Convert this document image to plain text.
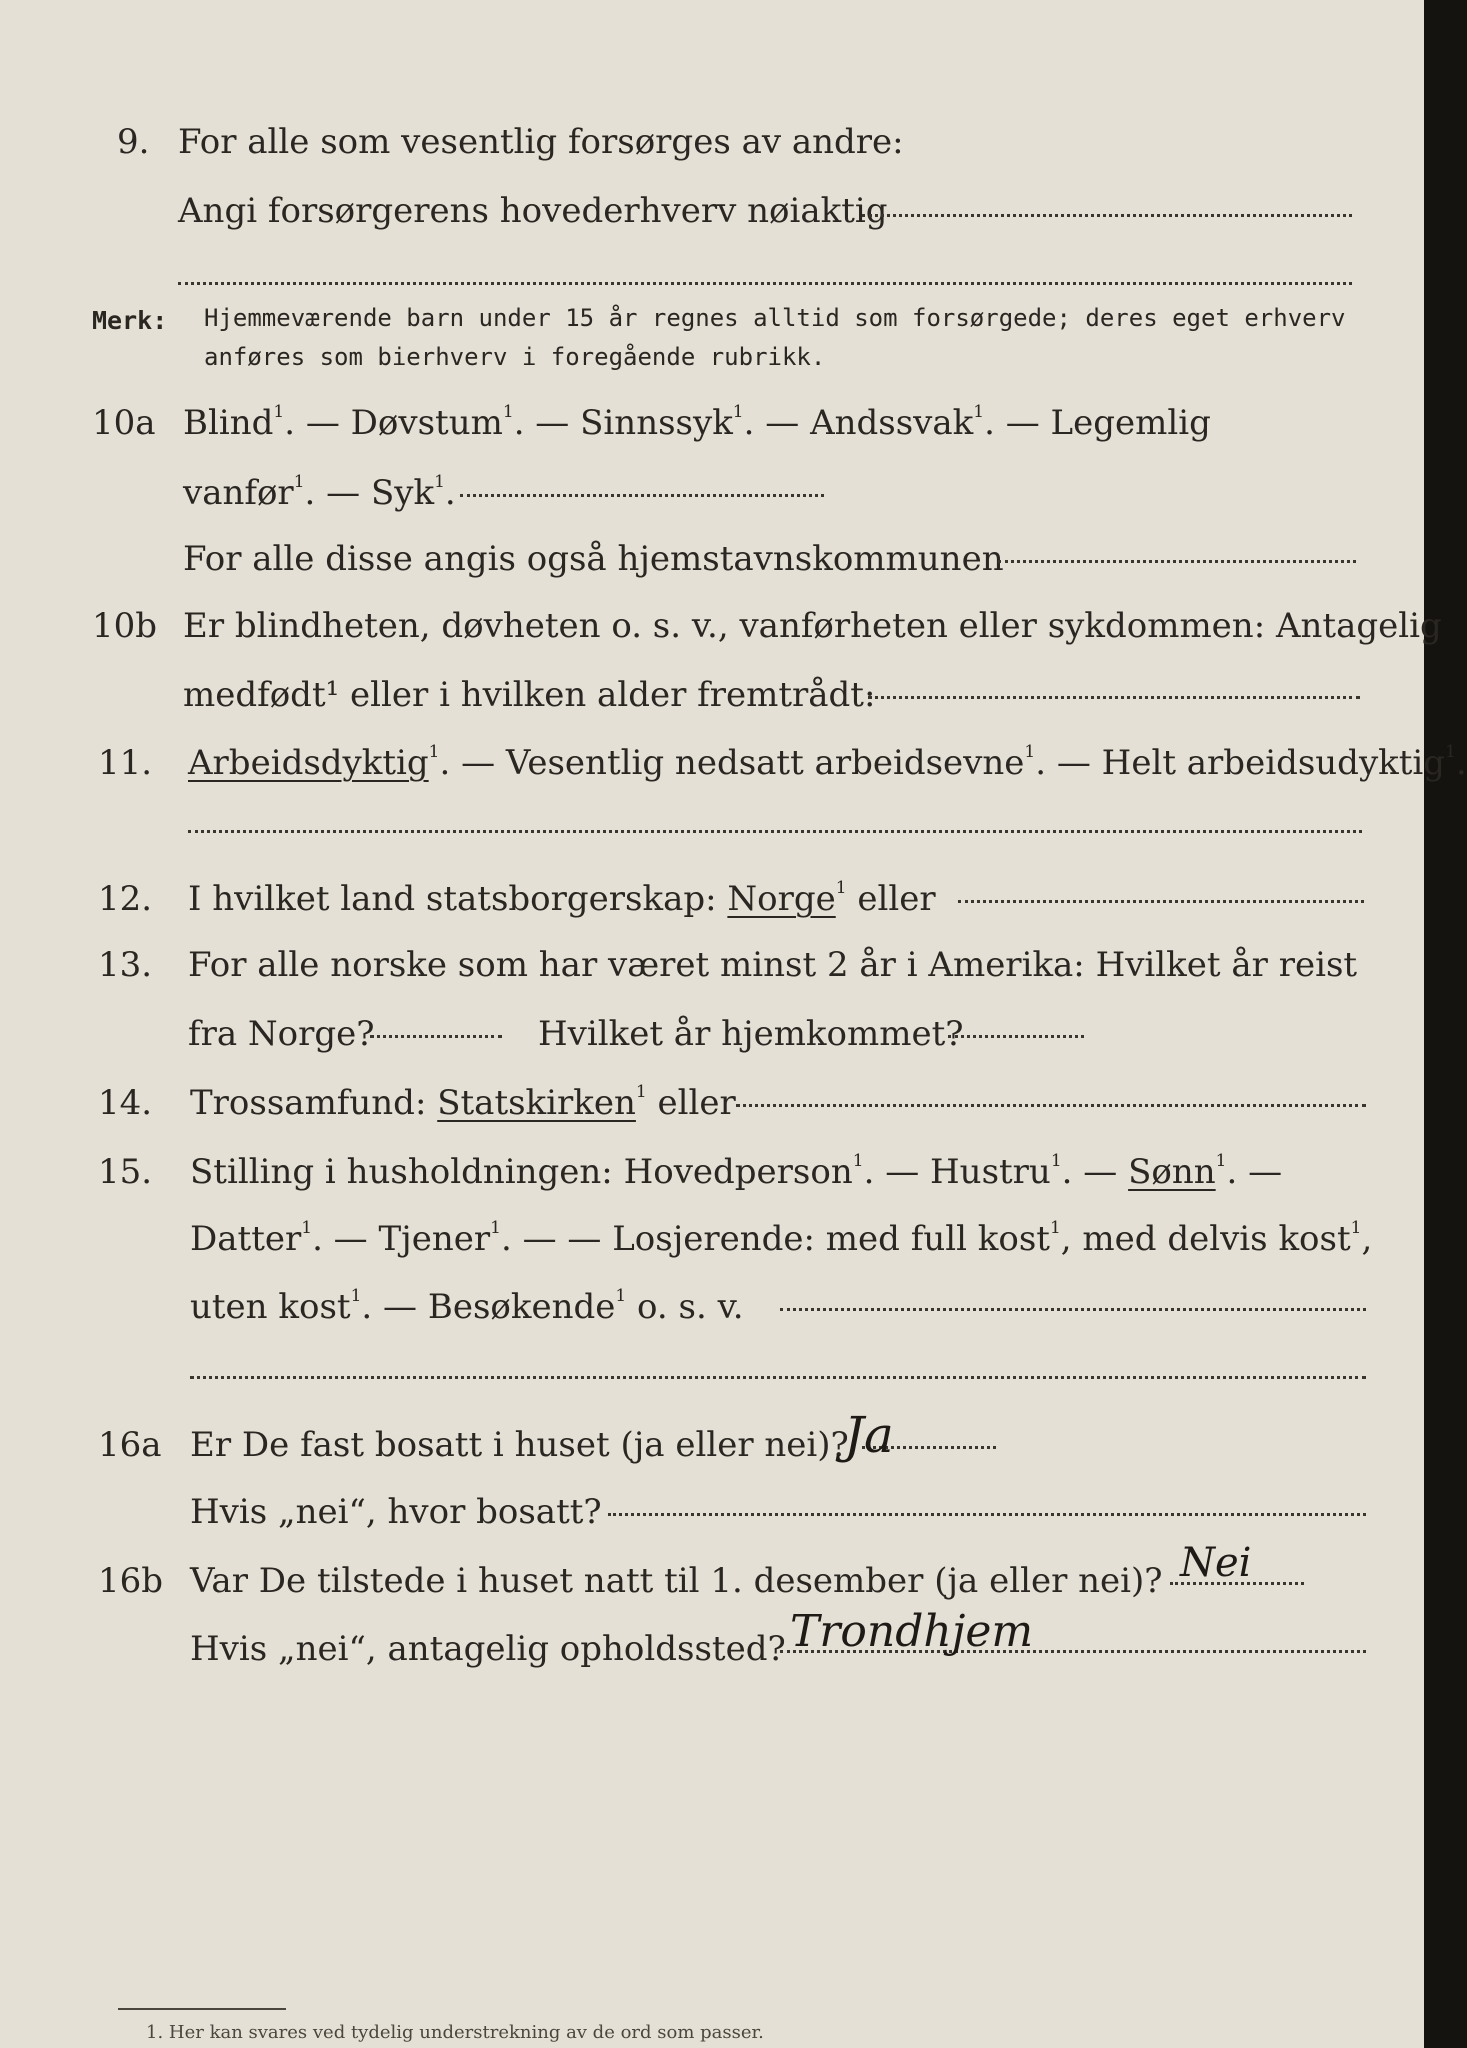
9. For alle som vesentlig forsørges av andre:
Angi forsørgerens hovederhverv nøiaktig
Merk: Hjemmeværende barn under 15 år regnes alltid som forsørgede; deres eget erhverv
anføres som bierhverv i foregående rubrikk.
10a Blind$^1$. — Døvstum$^1$. — Sinnssyk$^1$. — Andssvak$^1$. — Legemlig
vanfør$^1$. — Syk$^1$.
For alle disse angis også hjemstavnskommunen
10b Er blindheten, døvheten o. s. v., vanførheten eller sykdommen: Antagelig
medfødt¹ eller i hvilken alder fremtrådt:
11. Arbeidsdyktig$^1$. — Vesentlig nedsatt arbeidsevne$^1$. — Helt arbeidsudyktig$^1$.
12. I hvilket land statsborgerskap: Norge$^1$ eller
13. For alle norske som har været minst 2 år i Amerika: Hvilket år reist
fra Norge?	Hvilket år hjemkommet?
14. Trossamfund: Statskirken$^1$ eller
15. Stilling i husholdningen: Hovedperson$^1$. — Hustru$^1$. — Sønn$^1$. —
Datter$^1$. — Tjener$^1$. — — Losjerende: med full kost$^1$, med delvis kost$^1$,
uten kost$^1$. — Besøkende$^1$ o. s. v.
16a Er De fast bosatt i huset (ja eller nei)?
Ja
Hvis „nei“, hvor bosatt?
16b Var De tilstede i huset natt til 1. desember (ja eller nei)? Nei
Hvis „nei“, antagelig opholdssted? Trondhjem
1. Her kan svares ved tydelig understrekning av de ord som passer.
